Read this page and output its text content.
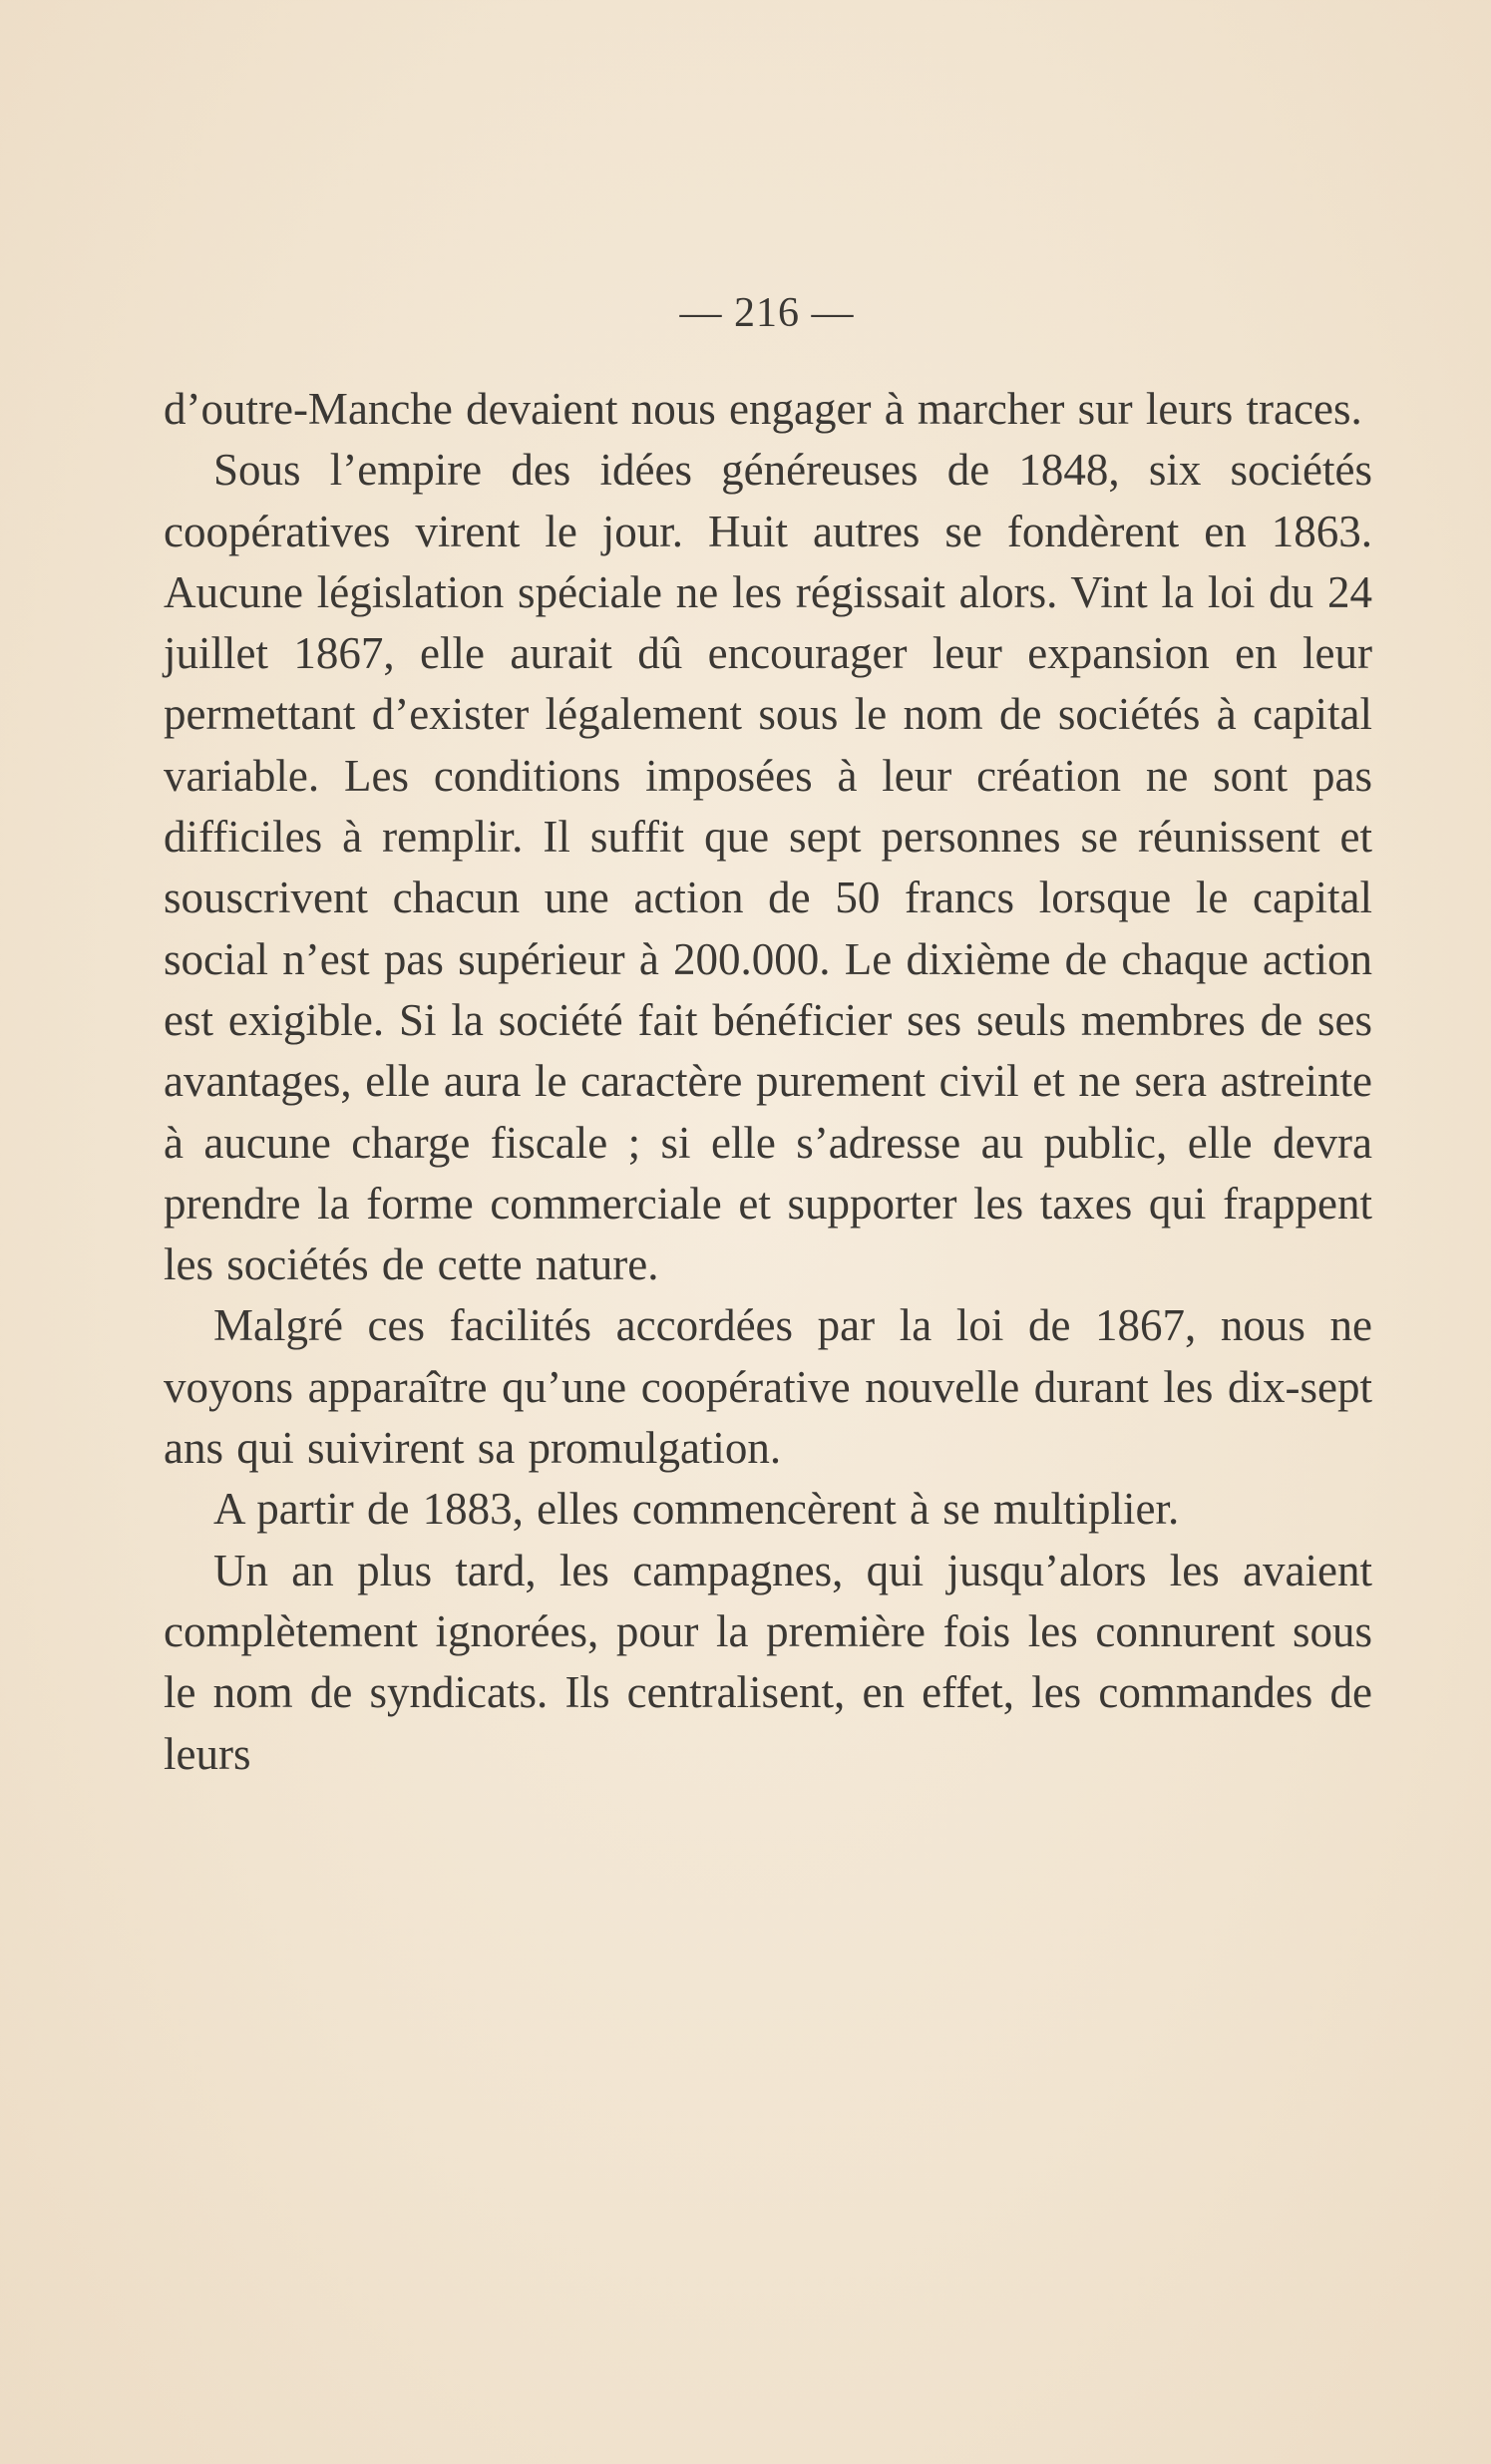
— 216 —

d’outre-Manche devaient nous engager à marcher sur leurs traces.

Sous l’empire des idées généreuses de 1848, six sociétés coopératives virent le jour. Huit autres se fondèrent en 1863. Aucune législation spéciale ne les régissait alors. Vint la loi du 24 juillet 1867, elle aurait dû encourager leur expansion en leur permettant d’exister légalement sous le nom de sociétés à capital variable. Les conditions imposées à leur création ne sont pas difficiles à remplir. Il suffit que sept personnes se réunissent et souscrivent chacun une action de 50 francs lorsque le capital social n’est pas supérieur à 200.000. Le dixième de chaque action est exigible. Si la société fait bénéficier ses seuls membres de ses avantages, elle aura le caractère purement civil et ne sera astreinte à aucune charge fiscale ; si elle s’adresse au public, elle devra prendre la forme commerciale et supporter les taxes qui frappent les sociétés de cette nature.

Malgré ces facilités accordées par la loi de 1867, nous ne voyons apparaître qu’une coopérative nouvelle durant les dix-sept ans qui suivirent sa promulgation.

A partir de 1883, elles commencèrent à se multiplier.

Un an plus tard, les campagnes, qui jusqu’alors les avaient complètement ignorées, pour la première fois les connurent sous le nom de syndicats. Ils centralisent, en effet, les commandes de leurs
